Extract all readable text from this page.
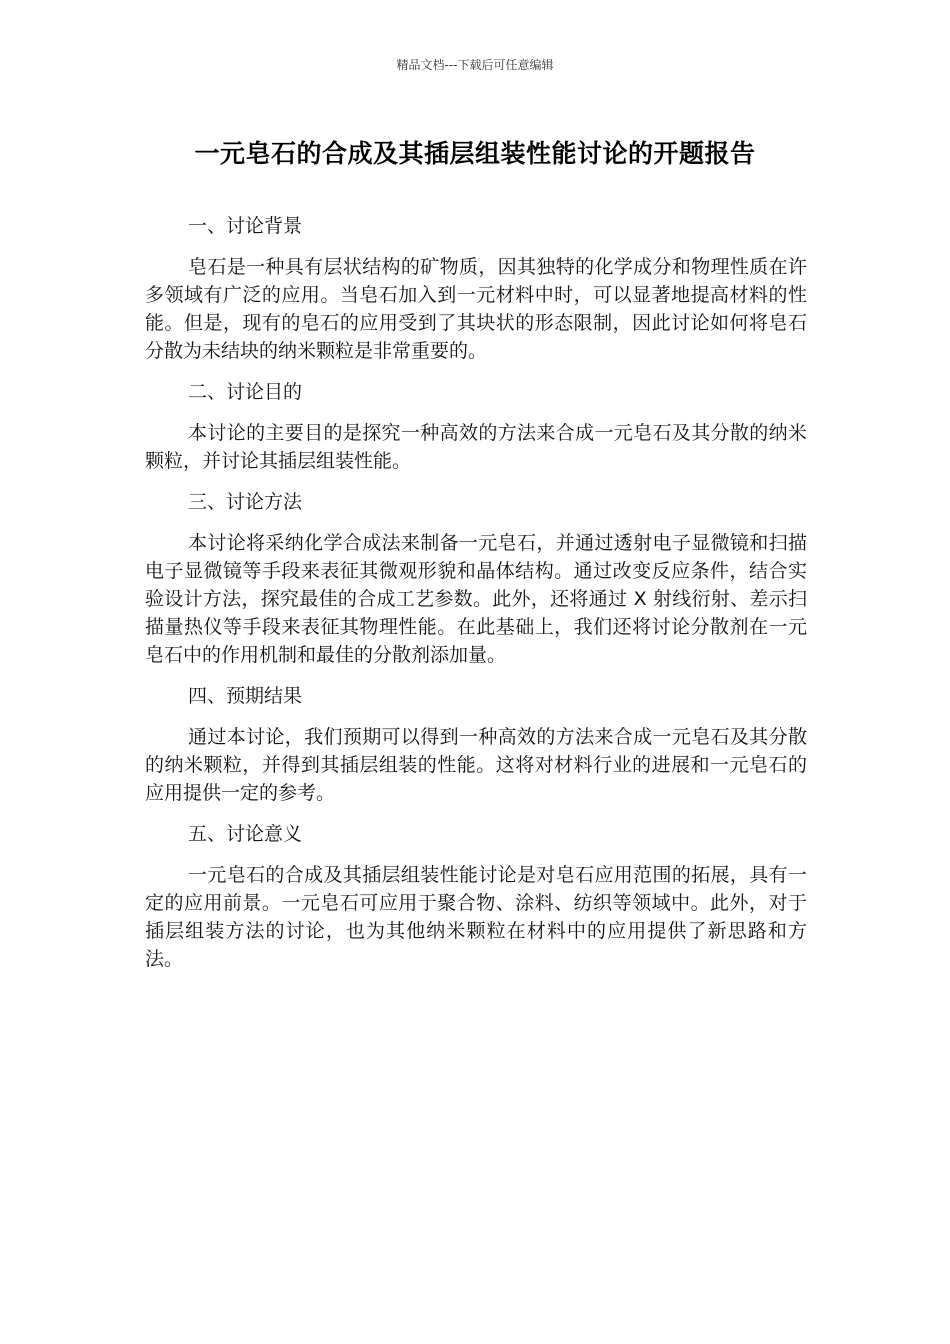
精品文档---下载后可任意编辑
一元皂石的合成及其插层组装性能讨论的开题报告
一、讨论背景

皂石是一种具有层状结构的矿物质，因其独特的化学成分和物理性质在许多领域有广泛的应用。当皂石加入到一元材料中时，可以显著地提高材料的性能。但是，现有的皂石的应用受到了其块状的形态限制，因此讨论如何将皂石分散为未结块的纳米颗粒是非常重要的。

二、讨论目的

本讨论的主要目的是探究一种高效的方法来合成一元皂石及其分散的纳米颗粒，并讨论其插层组装性能。

三、讨论方法

本讨论将采纳化学合成法来制备一元皂石，并通过透射电子显微镜和扫描电子显微镜等手段来表征其微观形貌和晶体结构。通过改变反应条件，结合实验设计方法，探究最佳的合成工艺参数。此外，还将通过 X 射线衍射、差示扫描量热仪等手段来表征其物理性能。在此基础上，我们还将讨论分散剂在一元皂石中的作用机制和最佳的分散剂添加量。

四、预期结果

通过本讨论，我们预期可以得到一种高效的方法来合成一元皂石及其分散的纳米颗粒，并得到其插层组装的性能。这将对材料行业的进展和一元皂石的应用提供一定的参考。

五、讨论意义

一元皂石的合成及其插层组装性能讨论是对皂石应用范围的拓展，具有一定的应用前景。一元皂石可应用于聚合物、涂料、纺织等领域中。此外，对于插层组装方法的讨论，也为其他纳米颗粒在材料中的应用提供了新思路和方法。
